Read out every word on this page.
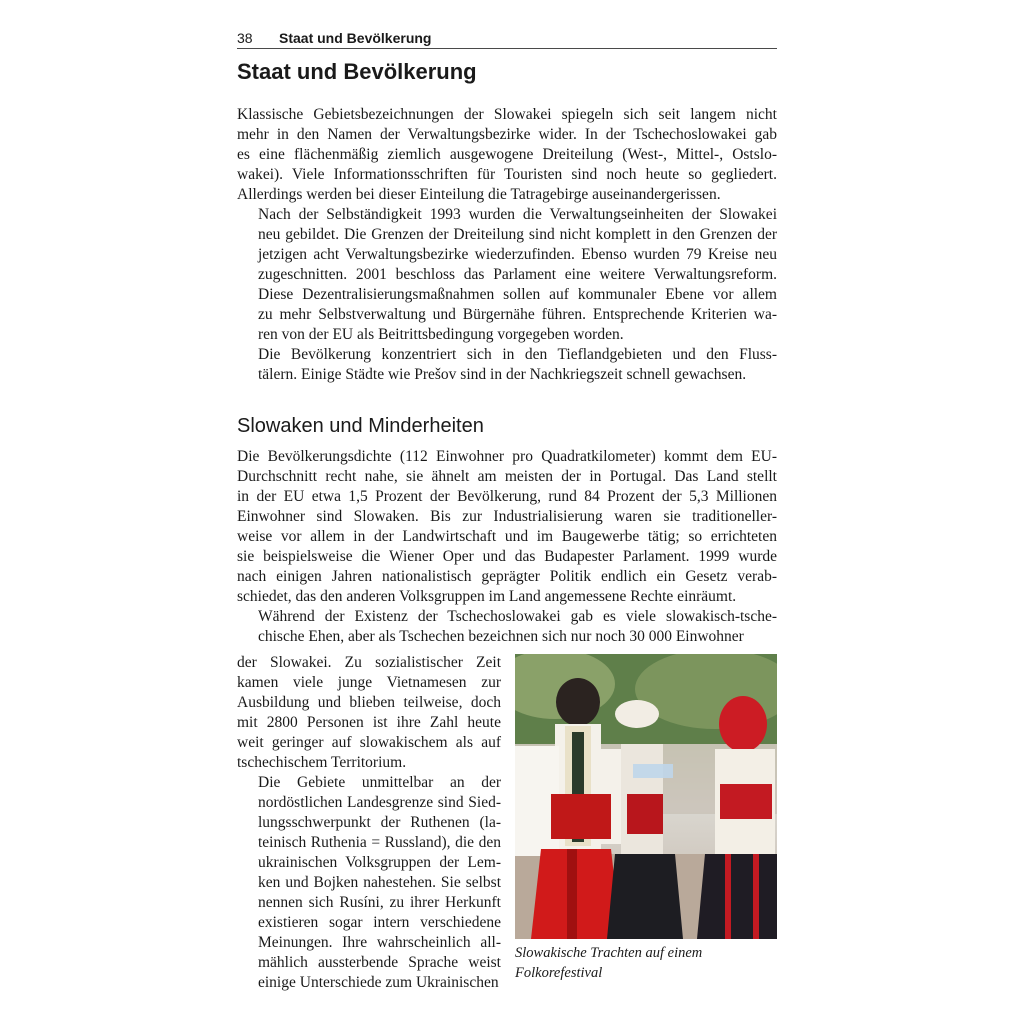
38 Staat und Bevölkerung
Staat und Bevölkerung

Klassische Gebietsbezeichnungen der Slowakei spiegeln sich seit langem nicht
mehr in den Namen der Verwaltungsbezirke wider. In der Tschechoslowakei gab
es eine flächenmäßig ziemlich ausgewogene Dreiteilung (West-, Mittel-, Ostslo-
wakei). Viele Informationsschriften für Touristen sind noch heute so gegliedert.
Allerdings werden bei dieser Einteilung die Tatragebirge auseinandergerissen.

Nach der Selbständigkeit 1993 wurden die Verwaltungseinheiten der Slowakei
neu gebildet. Die Grenzen der Dreiteilung sind nicht komplett in den Grenzen der
jetzigen acht Verwaltungsbezirke wiederzufinden. Ebenso wurden 79 Kreise neu
zugeschnitten. 2001 beschloss das Parlament eine weitere Verwaltungsreform.
Diese Dezentralisierungsmaßnahmen sollen auf kommunaler Ebene vor allem
zu mehr Selbstverwaltung und Bürgernähe führen. Entsprechende Kriterien wa-
ren von der EU als Beitrittsbedingung vorgegeben worden.

Die Bevölkerung konzentriert sich in den Tieflandgebieten und den Fluss-
tälern. Einige Städte wie Prešov sind in der Nachkriegszeit schnell gewachsen.

Slowaken und Minderheiten

Die Bevölkerungsdichte (112 Einwohner pro Quadratkilometer) kommt dem EU-
Durchschnitt recht nahe, sie ähnelt am meisten der in Portugal. Das Land stellt
in der EU etwa 1,5 Prozent der Bevölkerung, rund 84 Prozent der 5,3 Millionen
Einwohner sind Slowaken. Bis zur Industrialisierung waren sie traditioneller-
weise vor allem in der Landwirtschaft und im Baugewerbe tätig; so errichteten
sie beispielsweise die Wiener Oper und das Budapester Parlament. 1999 wurde
nach einigen Jahren nationalistisch geprägter Politik endlich ein Gesetz verab-
schiedet, das den anderen Volksgruppen im Land angemessene Rechte einräumt.

Während der Existenz der Tschechoslowakei gab es viele slowakisch-tsche-
chische Ehen, aber als Tschechen bezeichnen sich nur noch 30 000 Einwohner

der Slowakei. Zu sozialistischer Zeit
kamen viele junge Vietnamesen zur
Ausbildung und blieben teilweise, doch
mit 2800 Personen ist ihre Zahl heute
weit geringer auf slowakischem als auf
tschechischem Territorium.

Die Gebiete unmittelbar an der
nordöstlichen Landesgrenze sind Sied-
lungsschwerpunkt der Ruthenen (la-
teinisch Ruthenia = Russland), die den
ukrainischen Volksgruppen der Lem-
ken und Bojken nahestehen. Sie selbst
nennen sich Rusíni, zu ihrer Herkunft
existieren sogar intern verschiedene
Meinungen. Ihre wahrscheinlich all-
mählich aussterbende Sprache weist
einige Unterschiede zum Ukrainischen

Slowakische Trachten auf einem
Folkorefestival
